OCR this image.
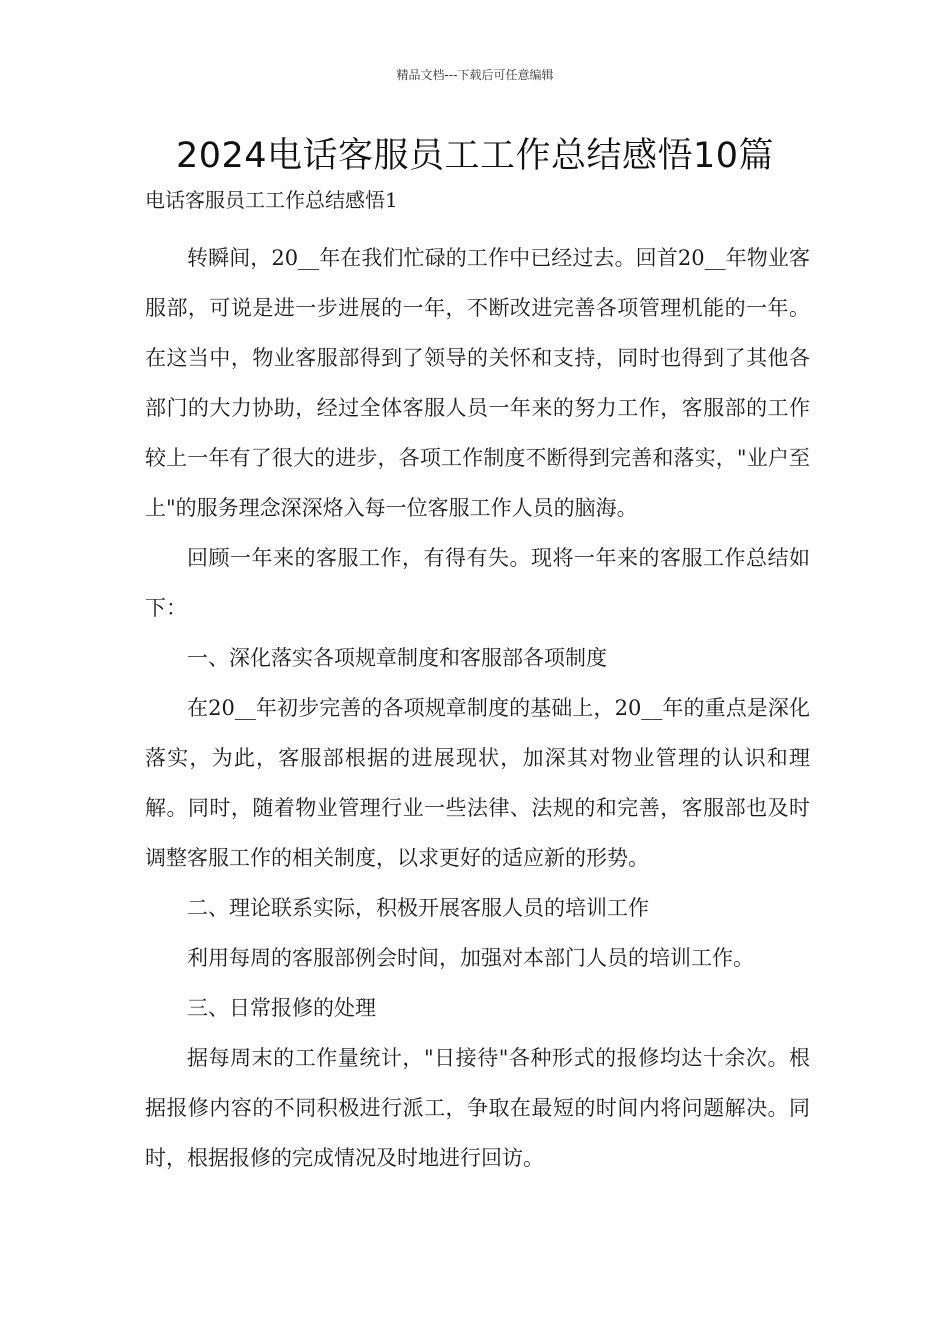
精品文档---下载后可任意编辑
2024电话客服员工工作总结感悟10篇

电话客服员工工作总结感悟1

转瞬间，20__年在我们忙碌的工作中已经过去。回首20__年物业客服部，可说是进一步进展的一年，不断改进完善各项管理机能的一年。在这当中，物业客服部得到了领导的关怀和支持，同时也得到了其他各部门的大力协助，经过全体客服人员一年来的努力工作，客服部的工作较上一年有了很大的进步，各项工作制度不断得到完善和落实，"业户至上"的服务理念深深烙入每一位客服工作人员的脑海。

回顾一年来的客服工作，有得有失。现将一年来的客服工作总结如下：

一、深化落实各项规章制度和客服部各项制度

在20__年初步完善的各项规章制度的基础上，20__年的重点是深化落实，为此，客服部根据的进展现状，加深其对物业管理的认识和理解。同时，随着物业管理行业一些法律、法规的和完善，客服部也及时调整客服工作的相关制度，以求更好的适应新的形势。

二、理论联系实际，积极开展客服人员的培训工作

利用每周的客服部例会时间，加强对本部门人员的培训工作。

三、日常报修的处理

据每周末的工作量统计，"日接待"各种形式的报修均达十余次。根据报修内容的不同积极进行派工，争取在最短的时间内将问题解决。同时，根据报修的完成情况及时地进行回访。
